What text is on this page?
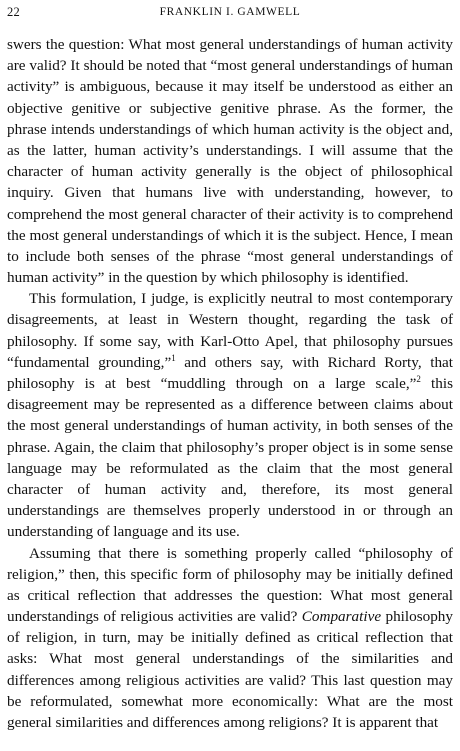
22	FRANKLIN I. GAMWELL

swers the question: What most general understandings of human activity are valid? It should be noted that “most general understandings of human activity” is ambiguous, because it may itself be understood as either an objective genitive or subjective genitive phrase. As the former, the phrase intends understandings of which human activity is the object and, as the latter, human activity’s understandings. I will assume that the character of human activity generally is the object of philosophical inquiry. Given that humans live with understanding, however, to comprehend the most general character of their activity is to comprehend the most general understandings of which it is the subject. Hence, I mean to include both senses of the phrase “most general understandings of human activity” in the question by which philosophy is identified.

This formulation, I judge, is explicitly neutral to most contemporary disagreements, at least in Western thought, regarding the task of philosophy. If some say, with Karl-Otto Apel, that philosophy pursues “fundamental grounding,”$^1$ and others say, with Richard Rorty, that philosophy is at best “muddling through on a large scale,”$^2$ this disagreement may be represented as a difference between claims about the most general understandings of human activity, in both senses of the phrase. Again, the claim that philosophy’s proper object is in some sense language may be reformulated as the claim that the most general character of human activity and, therefore, its most general understandings are themselves properly understood in or through an understanding of language and its use.

Assuming that there is something properly called “philosophy of religion,” then, this specific form of philosophy may be initially defined as critical reflection that addresses the question: What most general understandings of religious activities are valid? Comparative philosophy of religion, in turn, may be initially defined as critical reflection that asks: What most general understandings of the similarities and differences among religious activities are valid? This last question may be reformulated, somewhat more economically: What are the most general similarities and differences among religions? It is apparent that
